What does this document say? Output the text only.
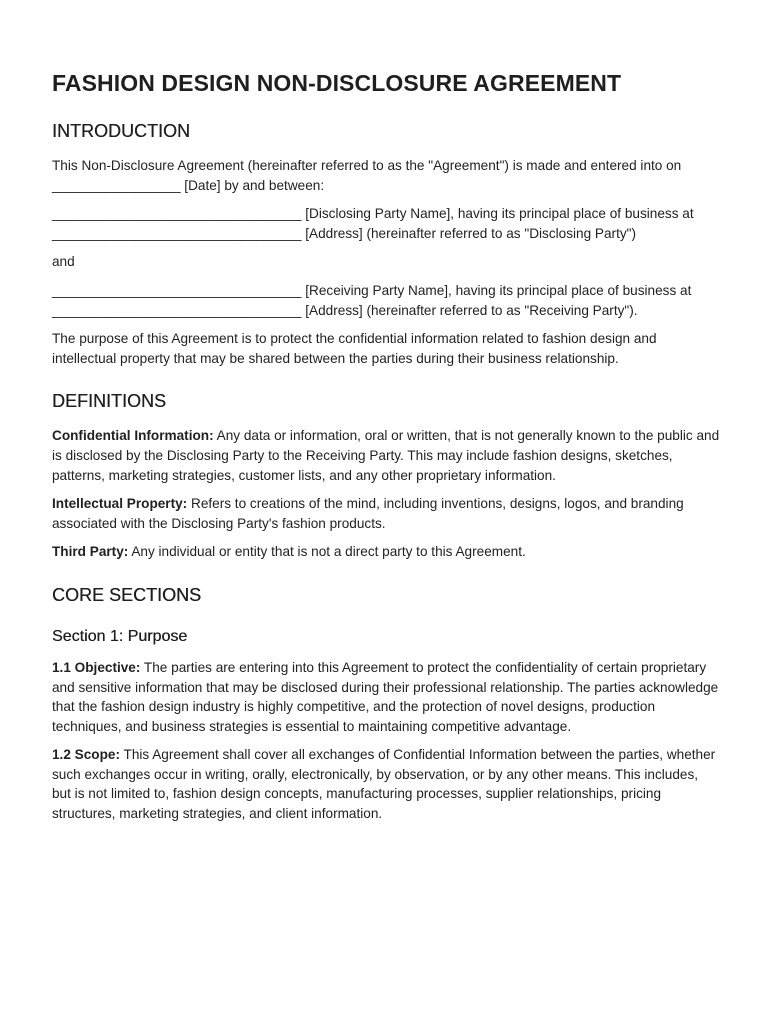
FASHION DESIGN NON-DISCLOSURE AGREEMENT
INTRODUCTION

This Non-Disclosure Agreement (hereinafter referred to as the "Agreement") is made and entered into on _________________ [Date] by and between:

_________________________________ [Disclosing Party Name], having its principal place of business at _________________________________ [Address] (hereinafter referred to as "Disclosing Party")

and

_________________________________ [Receiving Party Name], having its principal place of business at _________________________________ [Address] (hereinafter referred to as "Receiving Party").

The purpose of this Agreement is to protect the confidential information related to fashion design and intellectual property that may be shared between the parties during their business relationship.

DEFINITIONS

Confidential Information: Any data or information, oral or written, that is not generally known to the public and is disclosed by the Disclosing Party to the Receiving Party. This may include fashion designs, sketches, patterns, marketing strategies, customer lists, and any other proprietary information.

Intellectual Property: Refers to creations of the mind, including inventions, designs, logos, and branding associated with the Disclosing Party's fashion products.

Third Party: Any individual or entity that is not a direct party to this Agreement.

CORE SECTIONS
Section 1: Purpose

1.1 Objective: The parties are entering into this Agreement to protect the confidentiality of certain proprietary and sensitive information that may be disclosed during their professional relationship. The parties acknowledge that the fashion design industry is highly competitive, and the protection of novel designs, production techniques, and business strategies is essential to maintaining competitive advantage.

1.2 Scope: This Agreement shall cover all exchanges of Confidential Information between the parties, whether such exchanges occur in writing, orally, electronically, by observation, or by any other means. This includes, but is not limited to, fashion design concepts, manufacturing processes, supplier relationships, pricing structures, marketing strategies, and client information.
